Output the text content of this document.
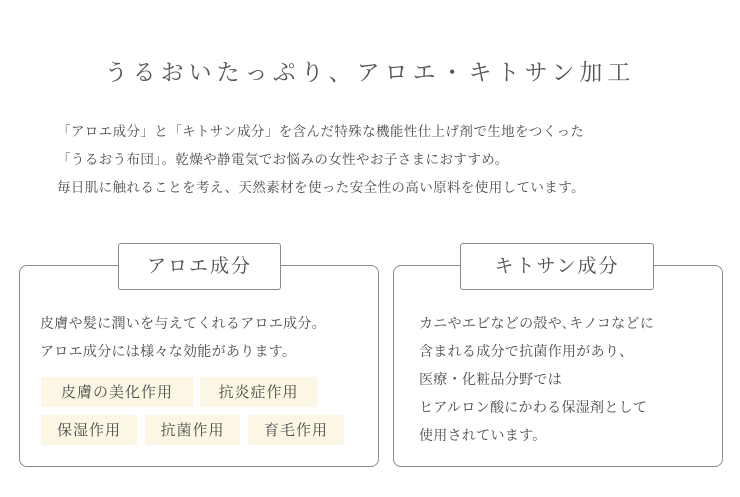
うるおいたっぷり、アロエ・キトサン加工
「アロエ成分」と「キトサン成分」を含んだ特殊な機能性仕上げ剤で生地をつくった
「うるおう布団」。乾燥や静電気でお悩みの女性やお子さまにおすすめ。
毎日肌に触れることを考え、天然素材を使った安全性の高い原料を使用しています。
アロエ成分
皮膚や髪に潤いを与えてくれるアロエ成分。
アロエ成分には様々な効能があります。
皮膚の美化作用	抗炎症作用
保湿作用	抗菌作用	育毛作用
キトサン成分
カニやエビなどの殻や､キノコなどに
含まれる成分で抗菌作用があり、
医療・化粧品分野では
ヒアルロン酸にかわる保湿剤として
使用されています。
